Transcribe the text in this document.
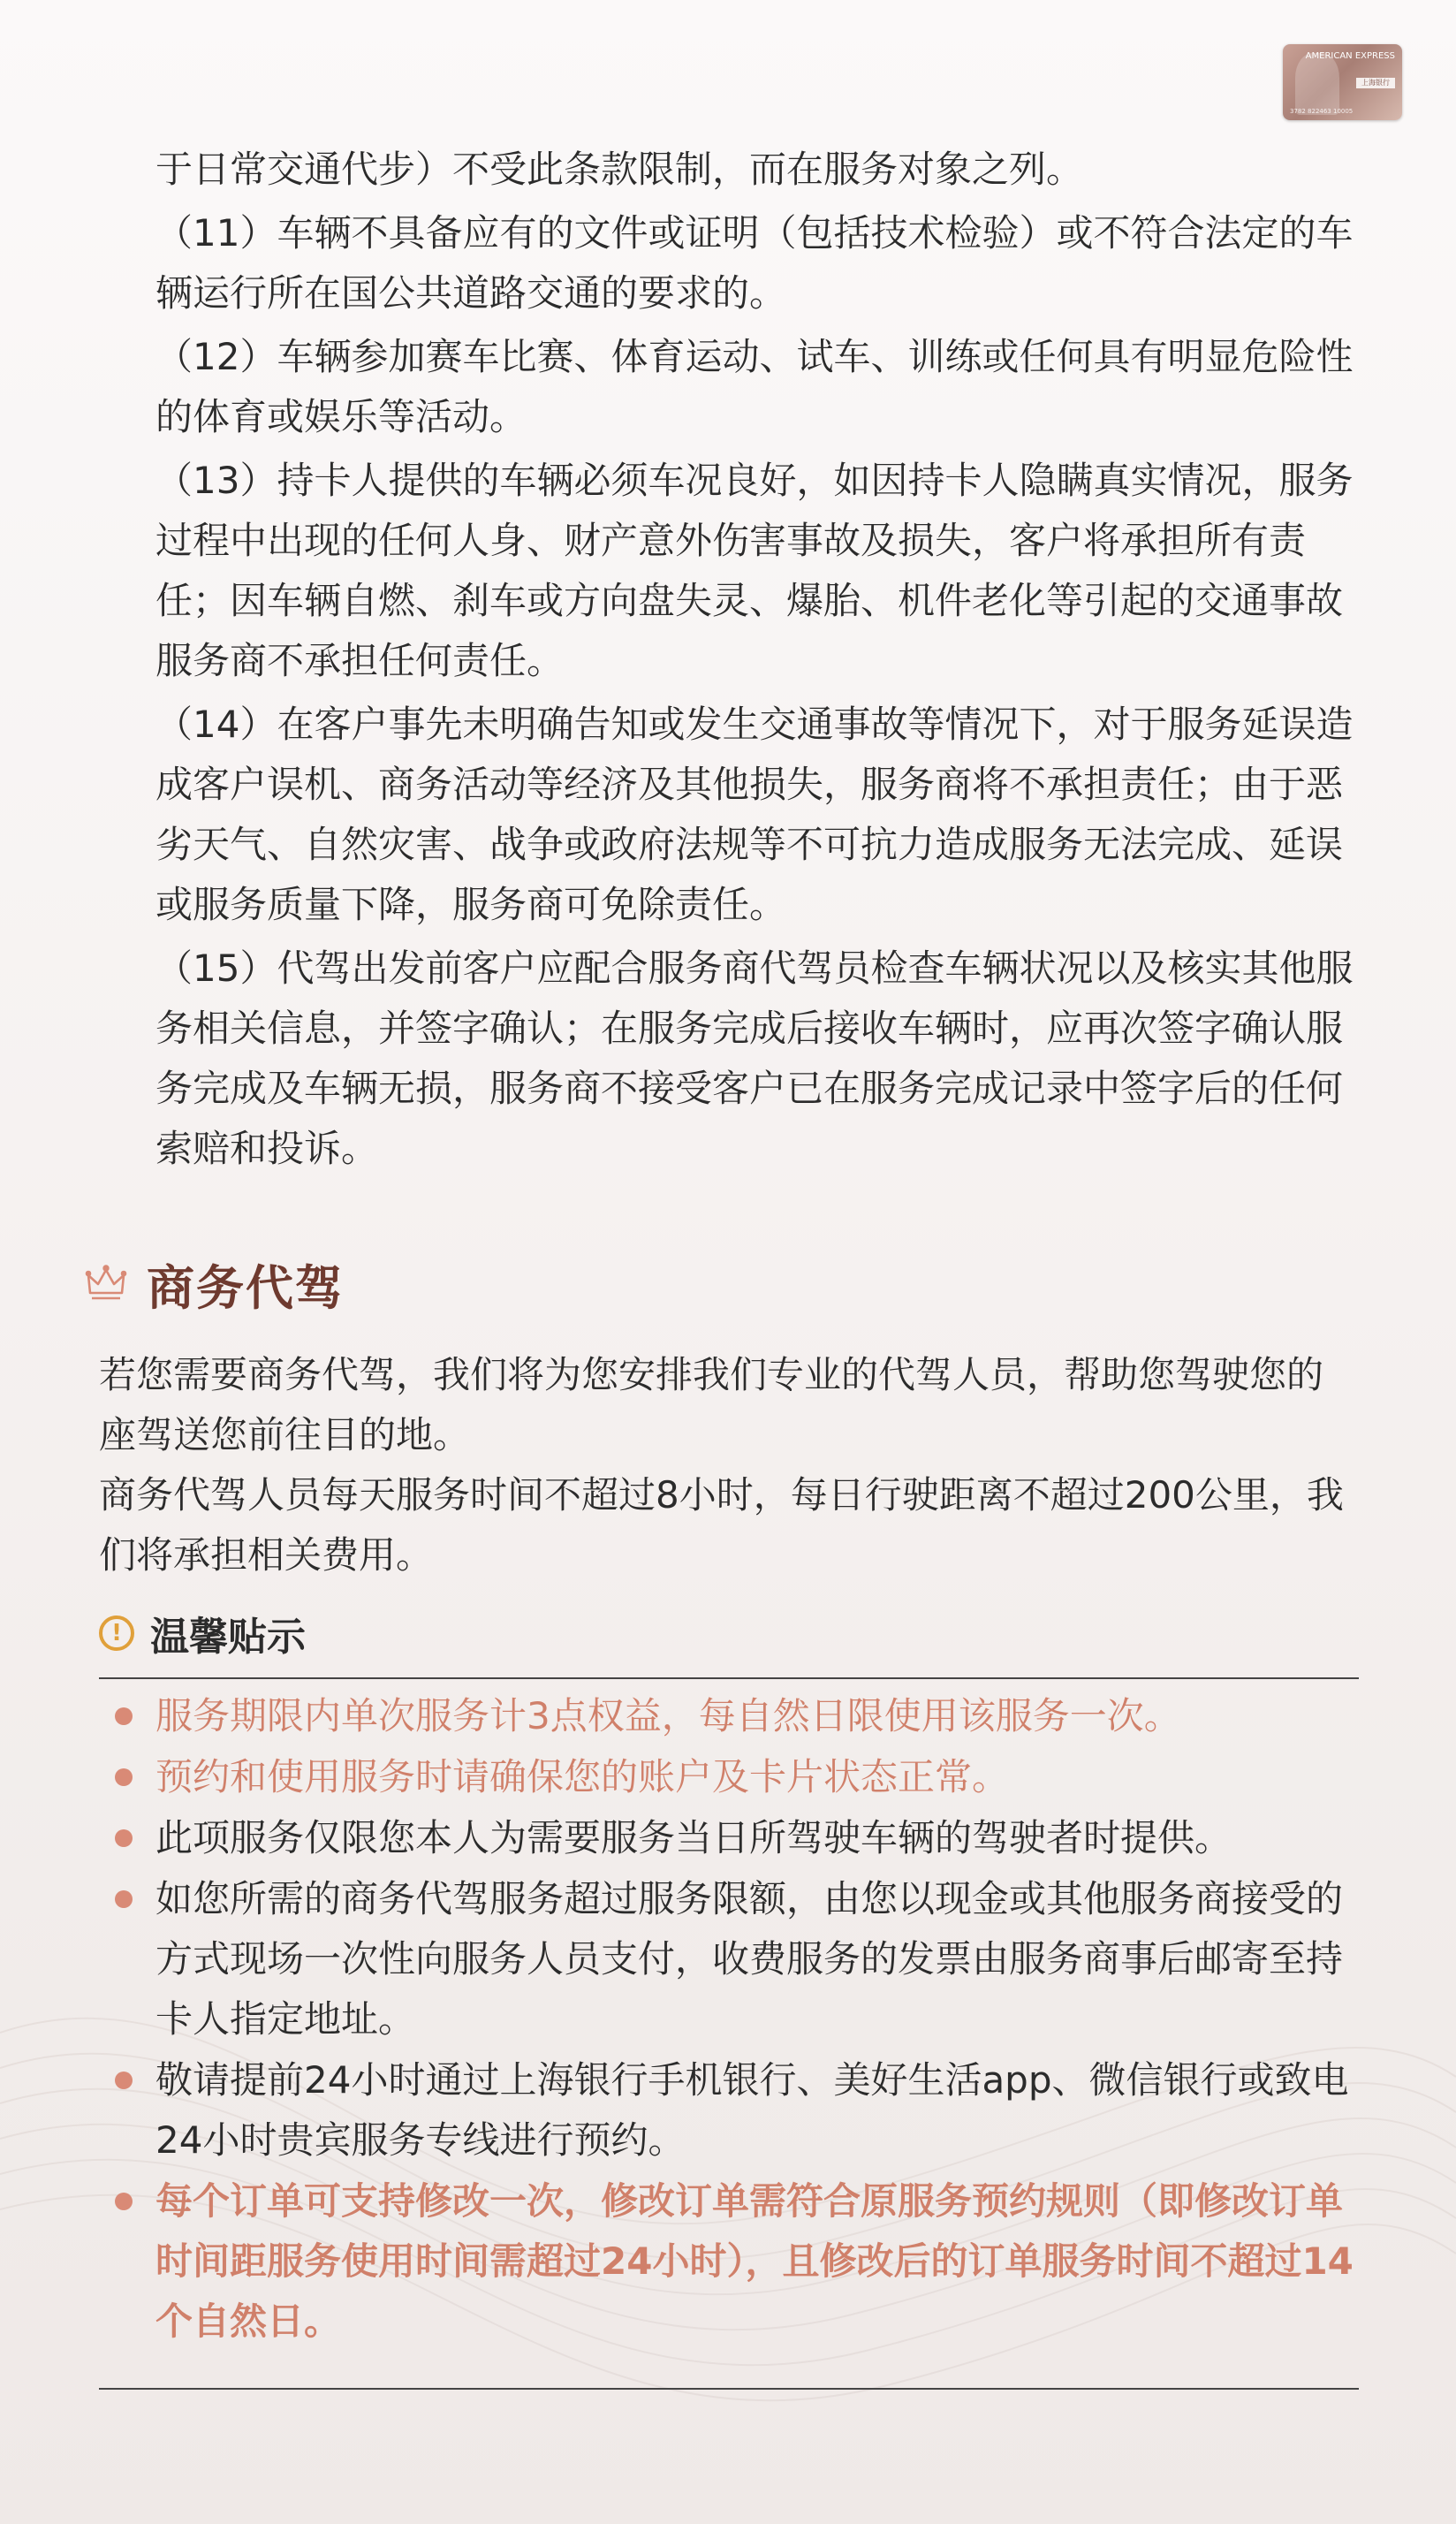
AMERICAN EXPRESS
上海银行
3782 822463 10005

于日常交通代步）不受此条款限制，而在服务对象之列。

（11）车辆不具备应有的文件或证明（包括技术检验）或不符合法定的车辆运行所在国公共道路交通的要求的。

（12）车辆参加赛车比赛、体育运动、试车、训练或任何具有明显危险性的体育或娱乐等活动。

（13）持卡人提供的车辆必须车况良好，如因持卡人隐瞒真实情况，服务过程中出现的任何人身、财产意外伤害事故及损失，客户将承担所有责任；因车辆自燃、刹车或方向盘失灵、爆胎、机件老化等引起的交通事故服务商不承担任何责任。

（14）在客户事先未明确告知或发生交通事故等情况下，对于服务延误造成客户误机、商务活动等经济及其他损失，服务商将不承担责任；由于恶劣天气、自然灾害、战争或政府法规等不可抗力造成服务无法完成、延误或服务质量下降，服务商可免除责任。

（15）代驾出发前客户应配合服务商代驾员检查车辆状况以及核实其他服务相关信息，并签字确认；在服务完成后接收车辆时，应再次签字确认服务完成及车辆无损，服务商不接受客户已在服务完成记录中签字后的任何索赔和投诉。

商务代驾

若您需要商务代驾，我们将为您安排我们专业的代驾人员，帮助您驾驶您的座驾送您前往目的地。

商务代驾人员每天服务时间不超过8小时，每日行驶距离不超过200公里，我们将承担相关费用。

! 温馨贴示
服务期限内单次服务计3点权益，每自然日限使用该服务一次。
预约和使用服务时请确保您的账户及卡片状态正常。
此项服务仅限您本人为需要服务当日所驾驶车辆的驾驶者时提供。
如您所需的商务代驾服务超过服务限额，由您以现金或其他服务商接受的方式现场一次性向服务人员支付，收费服务的发票由服务商事后邮寄至持卡人指定地址。
敬请提前24小时通过上海银行手机银行、美好生活app、微信银行或致电24小时贵宾服务专线进行预约。
每个订单可支持修改一次，修改订单需符合原服务预约规则（即修改订单时间距服务使用时间需超过24小时），且修改后的订单服务时间不超过14个自然日。
